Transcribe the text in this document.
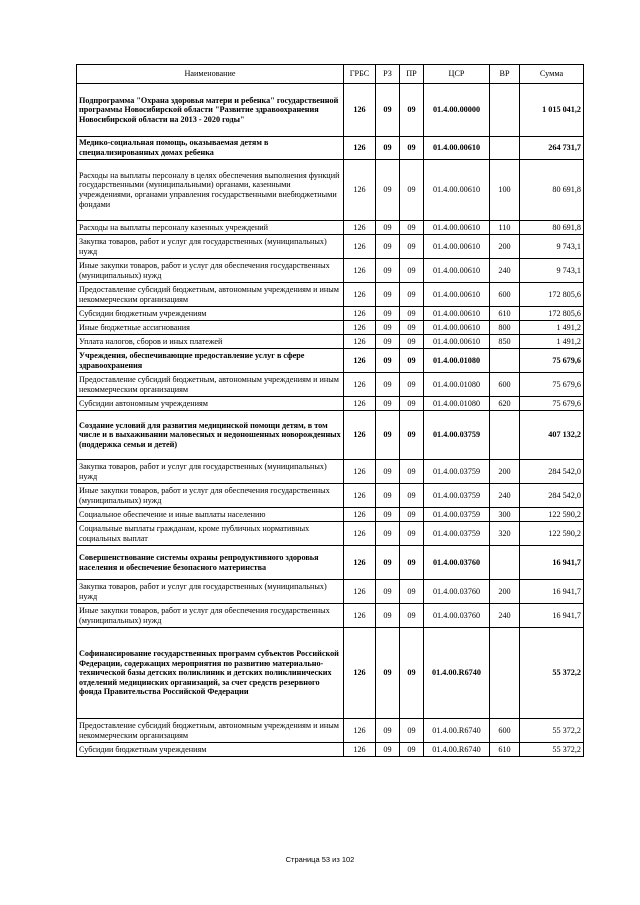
Наименование	ГРБС	РЗ	ПР	ЦСР	ВР	Сумма
Подпрограмма "Охрана здоровья матери и ребенка" государственной программы Новосибирской области "Развитие здравоохранения Новосибирской области на 2013 - 2020 годы"	126	09	09	01.4.00.00000		1 015 041,2
Медико-социальная помощь, оказываемая детям в специализированных домах ребенка	126	09	09	01.4.00.00610		264 731,7
Расходы на выплаты персоналу в целях обеспечения выполнения функций государственными (муниципальными) органами, казенными учреждениями, органами управления государственными внебюджетными фондами	126	09	09	01.4.00.00610	100	80 691,8
Расходы на выплаты персоналу казенных учреждений	126	09	09	01.4.00.00610	110	80 691,8
Закупка товаров, работ и услуг для государственных (муниципальных) нужд	126	09	09	01.4.00.00610	200	9 743,1
Иные закупки товаров, работ и услуг для обеспечения государственных (муниципальных) нужд	126	09	09	01.4.00.00610	240	9 743,1
Предоставление субсидий бюджетным, автономным учреждениям и иным некоммерческим организациям	126	09	09	01.4.00.00610	600	172 805,6
Субсидии бюджетным учреждениям	126	09	09	01.4.00.00610	610	172 805,6
Иные бюджетные ассигнования	126	09	09	01.4.00.00610	800	1 491,2
Уплата налогов, сборов и иных платежей	126	09	09	01.4.00.00610	850	1 491,2
Учреждения, обеспечивающие предоставление услуг в сфере здравоохранения	126	09	09	01.4.00.01080		75 679,6
Предоставление субсидий бюджетным, автономным учреждениям и иным некоммерческим организациям	126	09	09	01.4.00.01080	600	75 679,6
Субсидии автономным учреждениям	126	09	09	01.4.00.01080	620	75 679,6
Создание условий для развития медицинской помощи детям, в том числе и в выхаживании маловесных и недоношенных новорожденных (поддержка семьи и детей)	126	09	09	01.4.00.03759		407 132,2
Закупка товаров, работ и услуг для государственных (муниципальных) нужд	126	09	09	01.4.00.03759	200	284 542,0
Иные закупки товаров, работ и услуг для обеспечения государственных (муниципальных) нужд	126	09	09	01.4.00.03759	240	284 542,0
Социальное обеспечение и иные выплаты населению	126	09	09	01.4.00.03759	300	122 590,2
Социальные выплаты гражданам, кроме публичных нормативных социальных выплат	126	09	09	01.4.00.03759	320	122 590,2
Совершенствование системы охраны репродуктивного здоровья населения и обеспечение безопасного материнства	126	09	09	01.4.00.03760		16 941,7
Закупка товаров, работ и услуг для государственных (муниципальных) нужд	126	09	09	01.4.00.03760	200	16 941,7
Иные закупки товаров, работ и услуг для обеспечения государственных (муниципальных) нужд	126	09	09	01.4.00.03760	240	16 941,7
Софинансирование государственных программ субъектов Российской Федерации, содержащих мероприятия по развитию материально-технической базы детских поликлиник и детских поликлинических отделений медицинских организаций, за счет средств резервного фонда Правительства Российской Федерации	126	09	09	01.4.00.R6740		55 372,2
Предоставление субсидий бюджетным, автономным учреждениям и иным некоммерческим организациям	126	09	09	01.4.00.R6740	600	55 372,2
Субсидии бюджетным учреждениям	126	09	09	01.4.00.R6740	610	55 372,2
Страница 53 из 102
